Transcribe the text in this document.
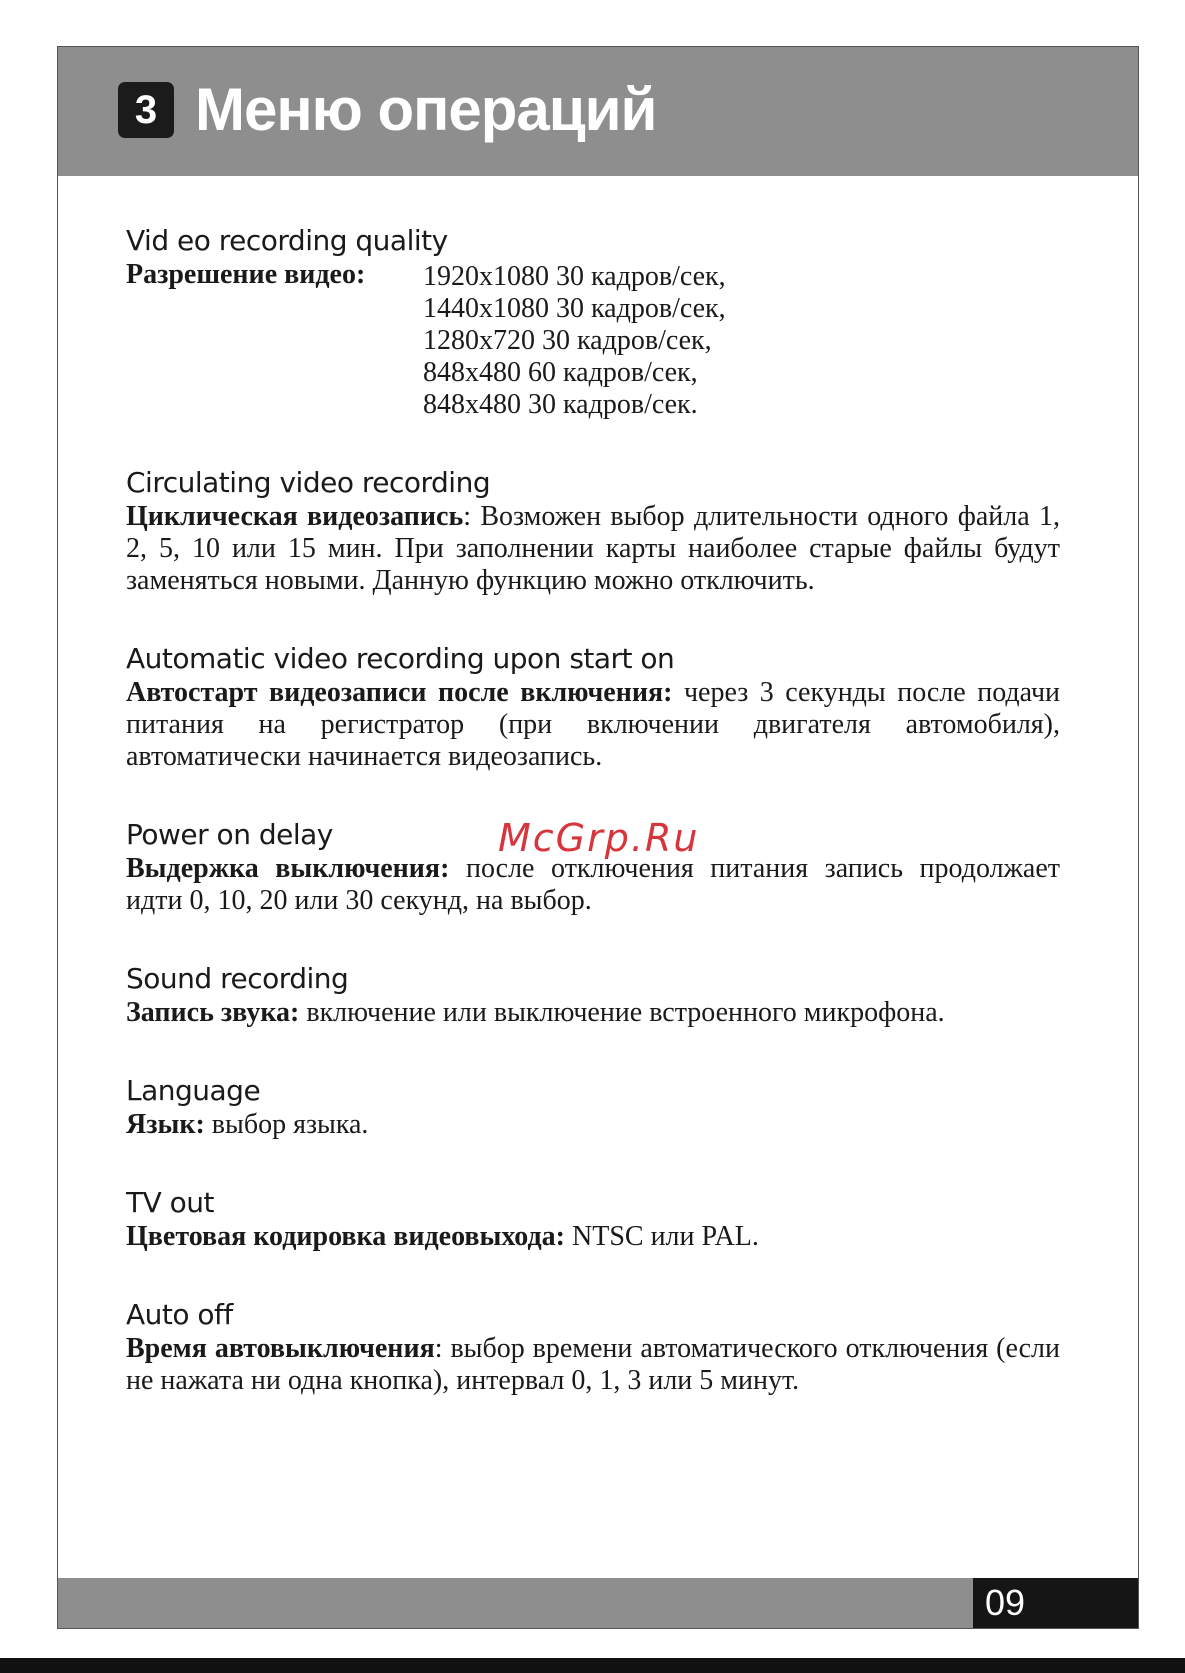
3 Меню операций
Vid eo recording quality
Разрешение видео:	1920x1080 30 кадров/сек,
1440x1080 30 кадров/сек,
1280x720 30 кадров/сек,
848x480 60 кадров/сек,
848x480 30 кадров/сек.
Circulating video recording
Циклическая видеозапись: Возможен выбор длительности одного файла 1, 2, 5, 10 или 15 мин. При заполнении карты наиболее старые файлы будут заменяться новыми. Данную функцию можно отключить.
Automatic video recording upon start on
Автостарт видеозаписи после включения: через 3 секунды после подачи питания на регистратор (при включении двигателя автомобиля), автоматически начинается видеозапись.
Power on delay
Выдержка выключения: после отключения питания запись продолжает идти 0, 10, 20 или 30 секунд, на выбор.
Sound recording
Запись звука: включение или выключение встроенного микрофона.
Language
Язык: выбор языка.
TV out
Цветовая кодировка видеовыхода: NTSC или PAL.
Auto off
Время автовыключения: выбор времени автоматического отключения (если не нажата ни одна кнопка), интервал 0, 1, 3 или 5 минут.
09
McGrp.Ru
